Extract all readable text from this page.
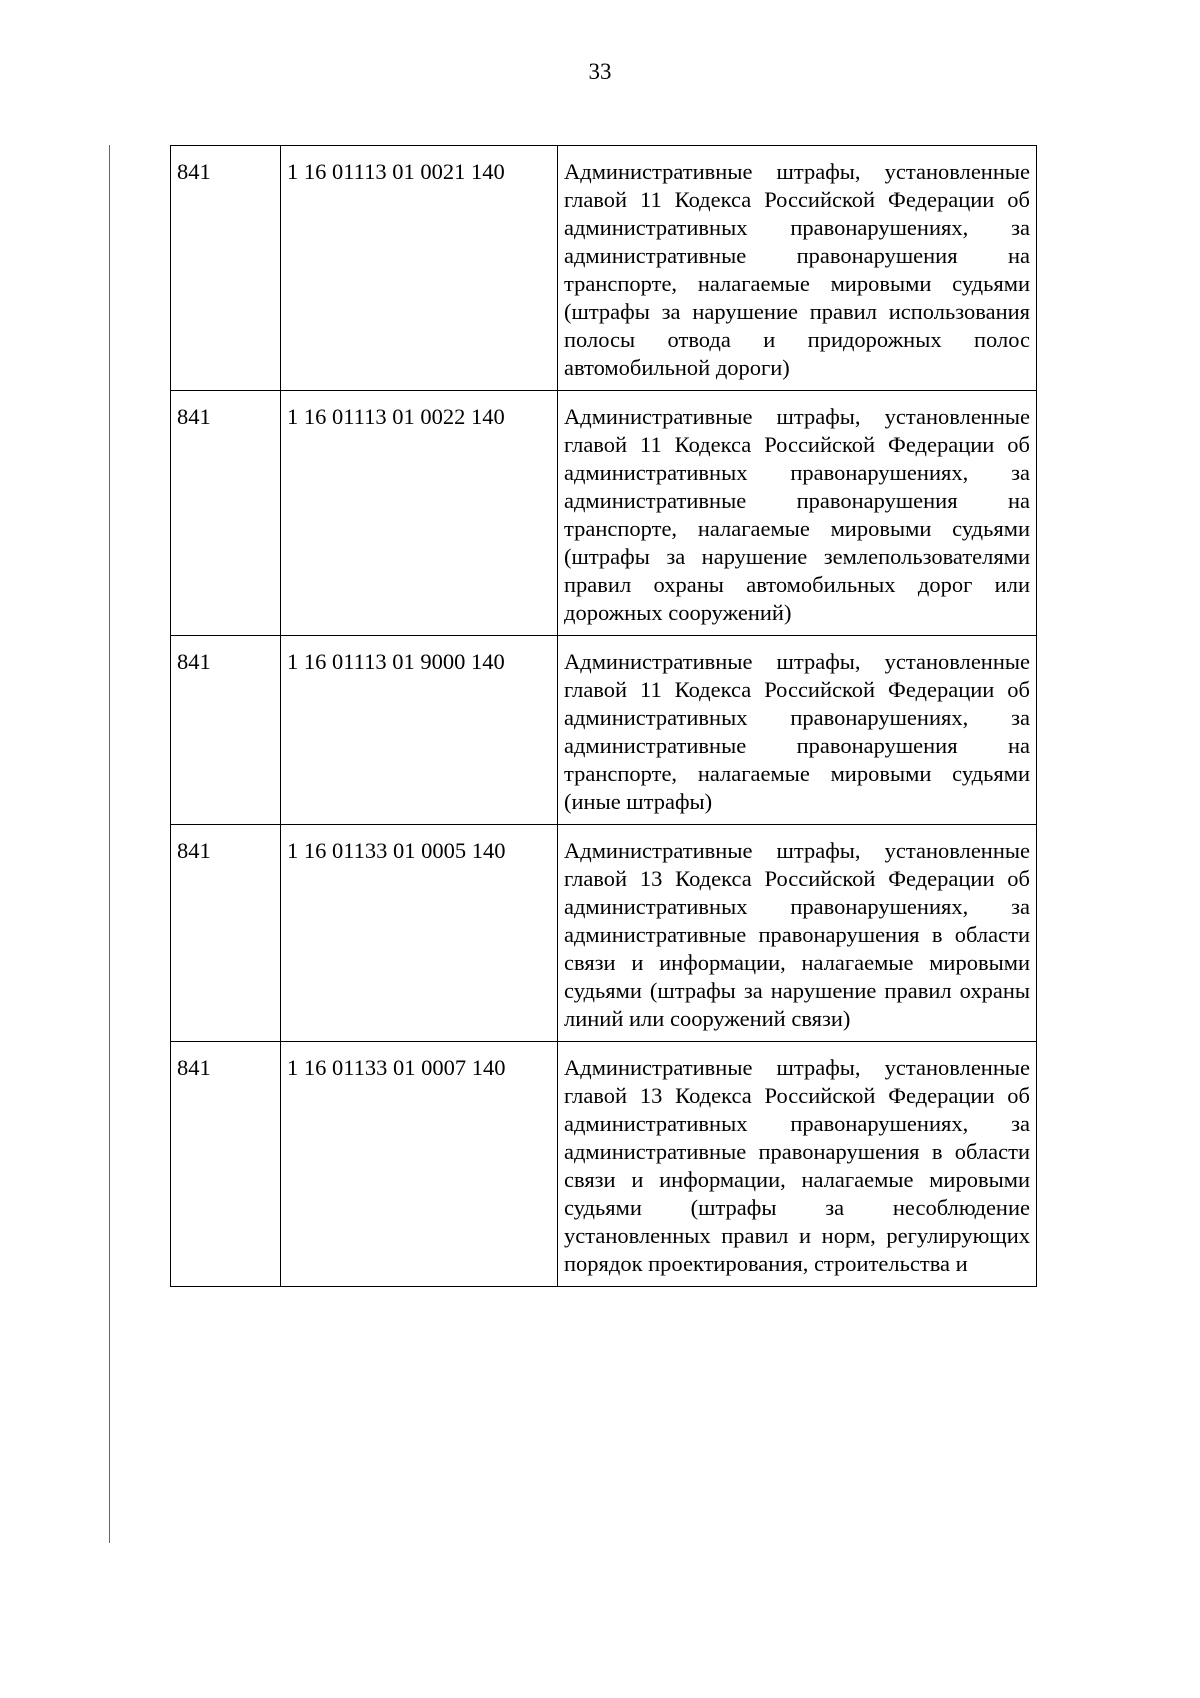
33
841	1 16 01113 01 0021 140	Административные штрафы, установленные главой 11 Кодекса Российской Федерации об административных правонарушениях, за административные правонарушения на транспорте, налагаемые мировыми судьями (штрафы за нарушение правил использования полосы отвода и придорожных полос автомобильной дороги)
841	1 16 01113 01 0022 140	Административные штрафы, установленные главой 11 Кодекса Российской Федерации об административных правонарушениях, за административные правонарушения на транспорте, налагаемые мировыми судьями (штрафы за нарушение землепользователями правил охраны автомобильных дорог или дорожных сооружений)
841	1 16 01113 01 9000 140	Административные штрафы, установленные главой 11 Кодекса Российской Федерации об административных правонарушениях, за административные правонарушения на транспорте, налагаемые мировыми судьями (иные штрафы)
841	1 16 01133 01 0005 140	Административные штрафы, установленные главой 13 Кодекса Российской Федерации об административных правонарушениях, за административные правонарушения в области связи и информации, налагаемые мировыми судьями (штрафы за нарушение правил охраны линий или сооружений связи)
841	1 16 01133 01 0007 140	Административные штрафы, установленные главой 13 Кодекса Российской Федерации об административных правонарушениях, за административные правонарушения в области связи и информации, налагаемые мировыми судьями (штрафы за несоблюдение установленных правил и норм, регулирующих порядок проектирования, строительства и
